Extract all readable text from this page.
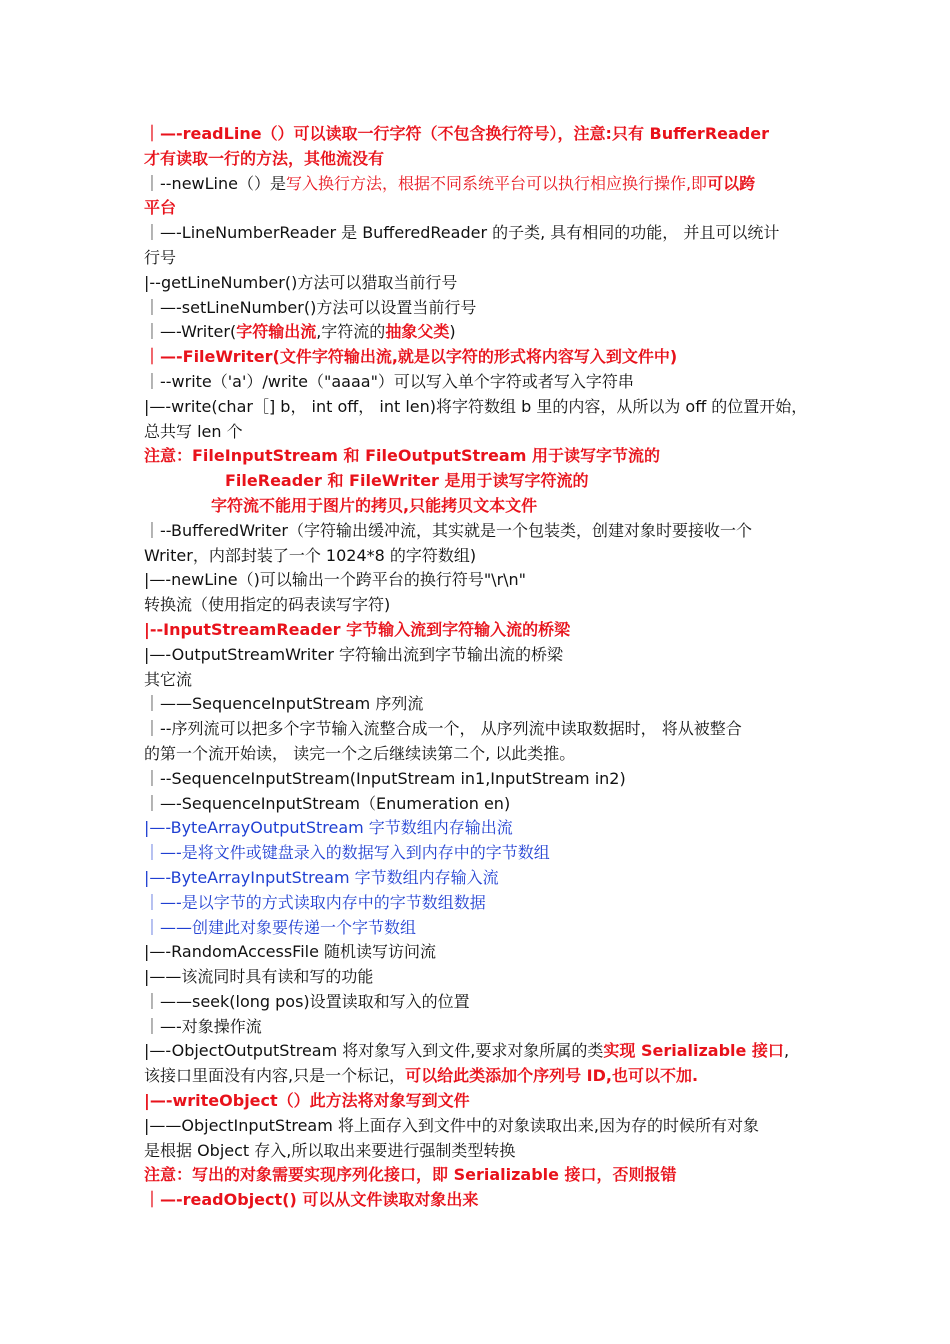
｜—-readLine（）可以读取一行字符（不包含换行符号），注意:只有 BufferReader
才有读取一行的方法，其他流没有
｜--newLine（）是写入换行方法，根据不同系统平台可以执行相应换行操作,即可以跨
平台
｜—-LineNumberReader 是 BufferedReader 的子类, 具有相同的功能， 并且可以统计
行号
|--getLineNumber()方法可以猎取当前行号
｜—-setLineNumber()方法可以设置当前行号
｜—-Writer(字符输出流,字符流的抽象父类)
｜—-FileWriter(文件字符输出流,就是以字符的形式将内容写入到文件中)
｜--write（'a'）/write（"aaaa"）可以写入单个字符或者写入字符串
|—-write(char［] b， int off， int len)将字符数组 b 里的内容，从所以为 off 的位置开始，
总共写 len 个
注意：FileInputStream 和 FileOutputStream 用于读写字节流的
FileReader 和 FileWriter 是用于读写字符流的
字符流不能用于图片的拷贝,只能拷贝文本文件
｜--BufferedWriter（字符输出缓冲流，其实就是一个包装类，创建对象时要接收一个
Writer，内部封装了一个 1024*8 的字符数组)
|—-newLine（)可以输出一个跨平台的换行符号"\r\n"
转换流（使用指定的码表读写字符)
|--InputStreamReader 字节输入流到字符输入流的桥梁
|—-OutputStreamWriter 字符输出流到字节输出流的桥梁
其它流
｜——SequenceInputStream 序列流
｜--序列流可以把多个字节输入流整合成一个， 从序列流中读取数据时， 将从被整合
的第一个流开始读， 读完一个之后继续读第二个, 以此类推。
｜--SequenceInputStream(InputStream in1,InputStream in2)
｜—-SequenceInputStream（Enumeration en)
|—-ByteArrayOutputStream 字节数组内存输出流
｜—-是将文件或键盘录入的数据写入到内存中的字节数组
|—-ByteArrayInputStream 字节数组内存输入流
｜—-是以字节的方式读取内存中的字节数组数据
｜——创建此对象要传递一个字节数组
|—-RandomAccessFile 随机读写访问流
|——该流同时具有读和写的功能
｜——seek(long pos)设置读取和写入的位置
｜—-对象操作流
|—-ObjectOutputStream 将对象写入到文件,要求对象所属的类实现 Serializable 接口,
该接口里面没有内容,只是一个标记，可以给此类添加个序列号 ID,也可以不加.
|—-writeObject（）此方法将对象写到文件
|——ObjectInputStream 将上面存入到文件中的对象读取出来,因为存的时候所有对象
是根据 Object 存入,所以取出来要进行强制类型转换
注意：写出的对象需要实现序列化接口，即 Serializable 接口，否则报错
｜—-readObject() 可以从文件读取对象出来
